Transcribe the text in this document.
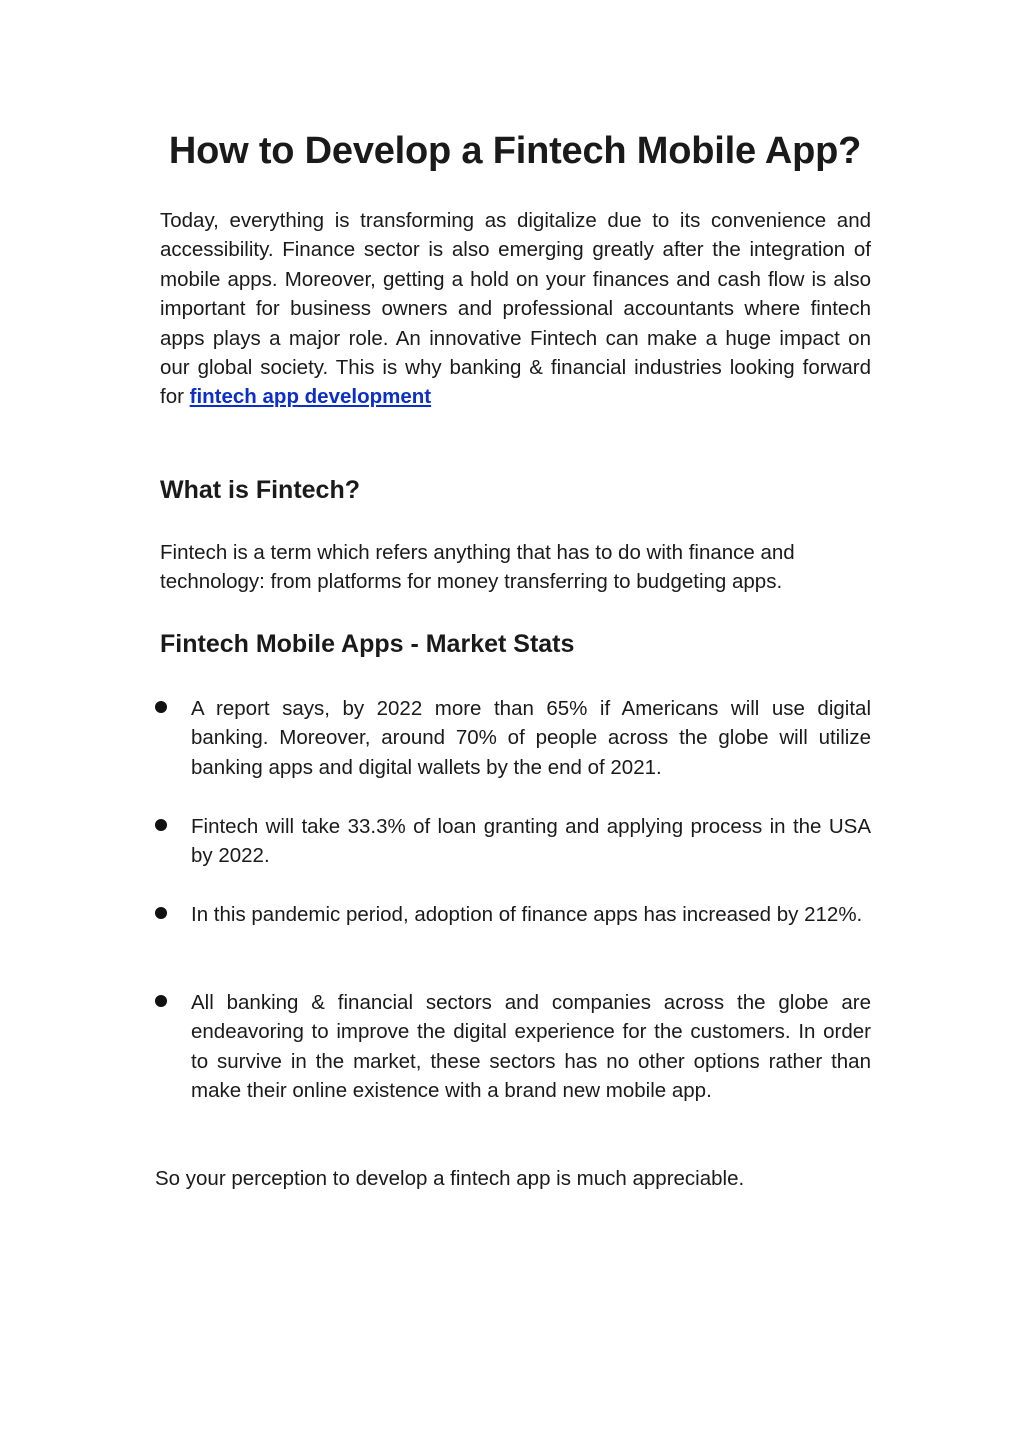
How to Develop a Fintech Mobile App?

Today, everything is transforming as digitalize due to its convenience and accessibility. Finance sector is also emerging greatly after the integration of mobile apps. Moreover, getting a hold on your finances and cash flow is also important for business owners and professional accountants where fintech apps plays a major role. An innovative Fintech can make a huge impact on our global society. This is why banking & financial industries looking forward for fintech app development

What is Fintech?

Fintech is a term which refers anything that has to do with finance and technology: from platforms for money transferring to budgeting apps.

Fintech Mobile Apps - Market Stats

A report says, by 2022 more than 65% if Americans will use digital banking. Moreover, around 70% of people across the globe will utilize banking apps and digital wallets by the end of 2021.

Fintech will take 33.3% of loan granting and applying process in the USA by 2022.

In this pandemic period, adoption of finance apps has increased by 212%.

All banking & financial sectors and companies across the globe are endeavoring to improve the digital experience for the customers. In order to survive in the market, these sectors has no other options rather than make their online existence with a brand new mobile app.

So your perception to develop a fintech app is much appreciable.
